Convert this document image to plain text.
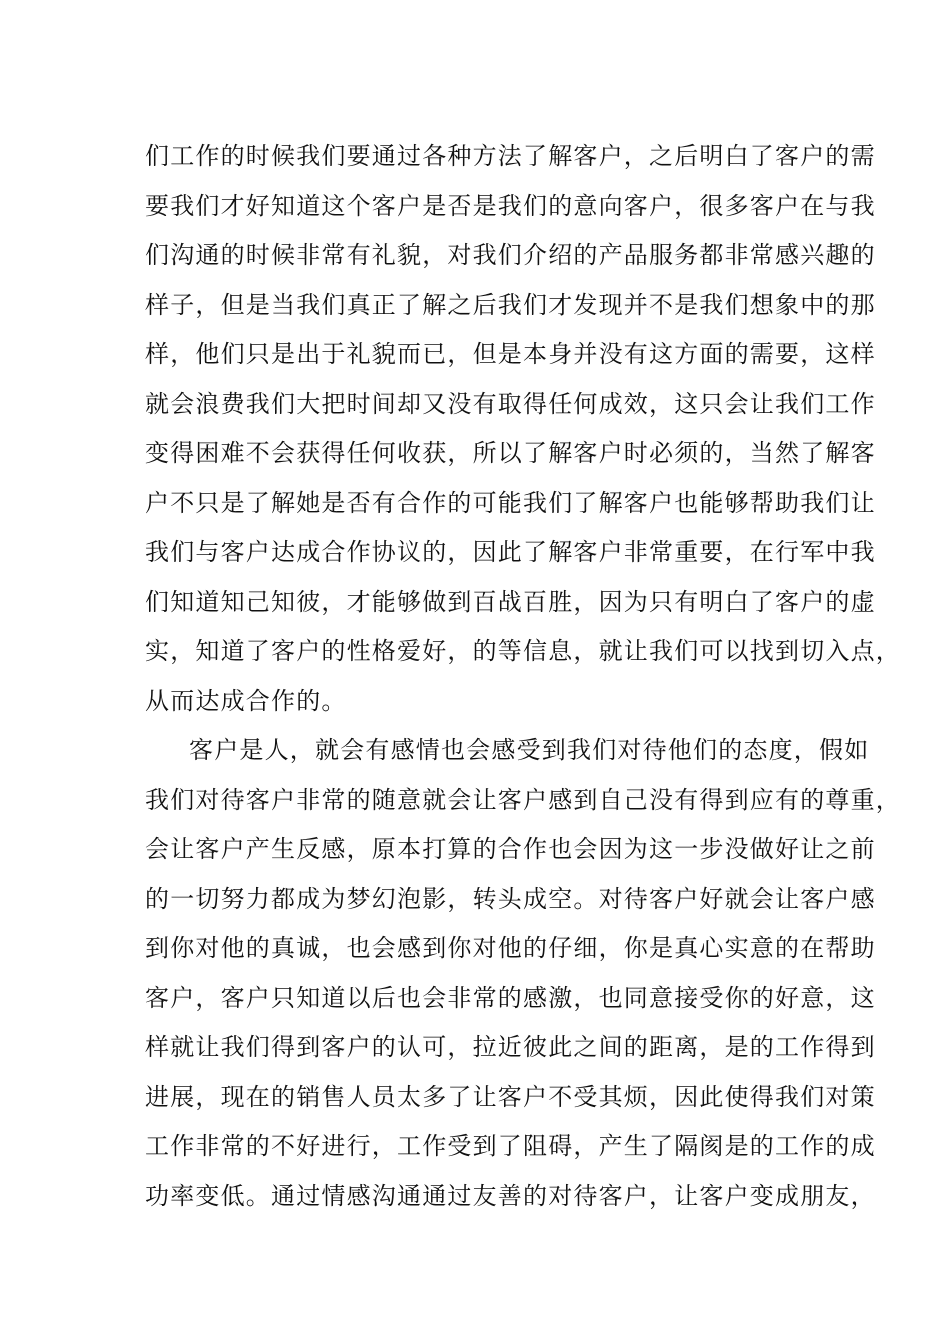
们工作的时候我们要通过各种方法了解客户，之后明白了客户的需
要我们才好知道这个客户是否是我们的意向客户，很多客户在与我
们沟通的时候非常有礼貌，对我们介绍的产品服务都非常感兴趣的
样子，但是当我们真正了解之后我们才发现并不是我们想象中的那
样，他们只是出于礼貌而已，但是本身并没有这方面的需要，这样
就会浪费我们大把时间却又没有取得任何成效，这只会让我们工作
变得困难不会获得任何收获，所以了解客户时必须的，当然了解客
户不只是了解她是否有合作的可能我们了解客户也能够帮助我们让
我们与客户达成合作协议的，因此了解客户非常重要，在行军中我
们知道知己知彼，才能够做到百战百胜，因为只有明白了客户的虚
实，知道了客户的性格爱好，的等信息，就让我们可以找到切入点，
从而达成合作的。
客户是人，就会有感情也会感受到我们对待他们的态度，假如
我们对待客户非常的随意就会让客户感到自己没有得到应有的尊重，
会让客户产生反感，原本打算的合作也会因为这一步没做好让之前
的一切努力都成为梦幻泡影，转头成空。对待客户好就会让客户感
到你对他的真诚，也会感到你对他的仔细，你是真心实意的在帮助
客户，客户只知道以后也会非常的感激，也同意接受你的好意，这
样就让我们得到客户的认可，拉近彼此之间的距离，是的工作得到
进展，现在的销售人员太多了让客户不受其烦，因此使得我们对策
工作非常的不好进行，工作受到了阻碍，产生了隔阂是的工作的成
功率变低。通过情感沟通通过友善的对待客户，让客户变成朋友，
